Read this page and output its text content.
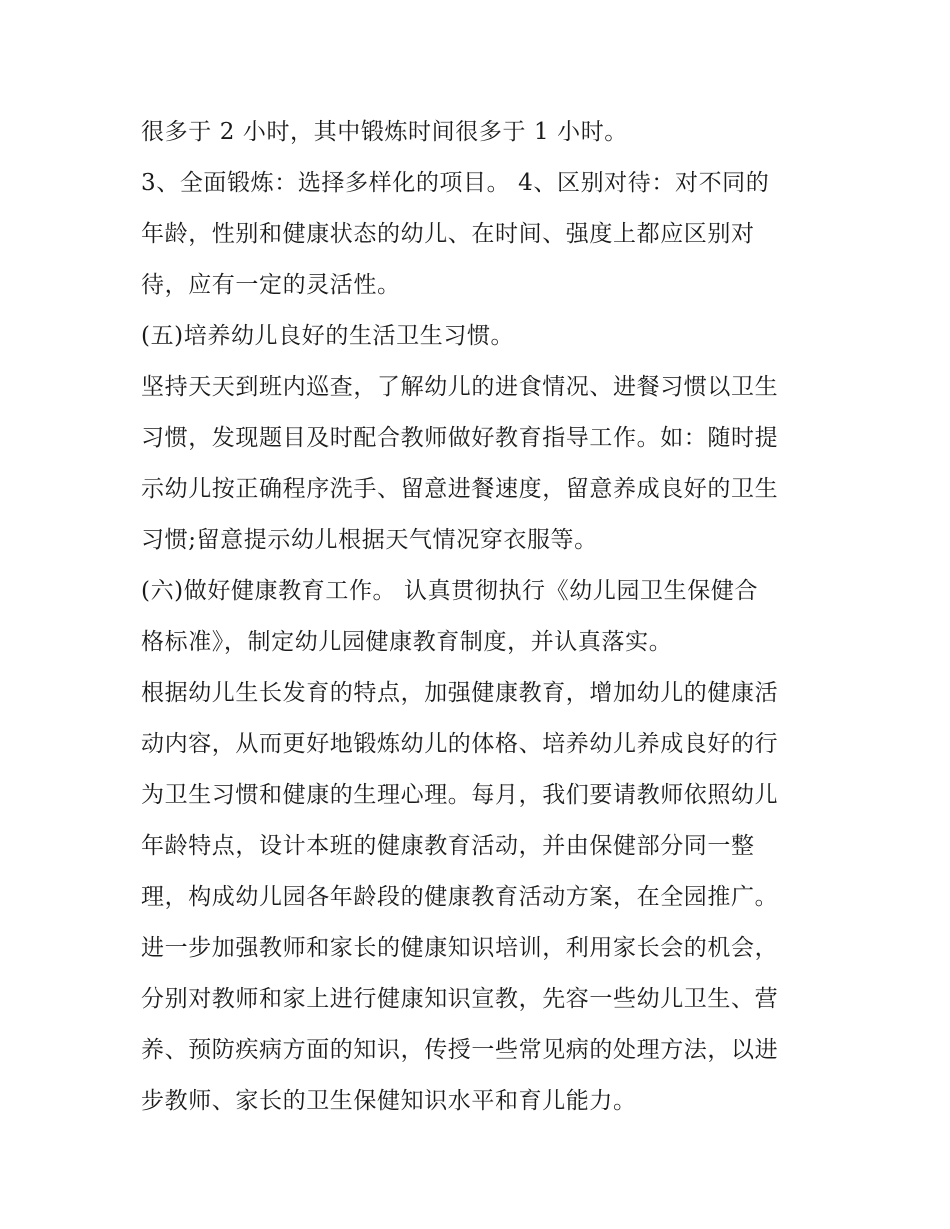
很多于 2 小时，其中锻炼时间很多于 1 小时。
3、全面锻炼：选择多样化的项目。 4、区别对待：对不同的
年龄，性别和健康状态的幼儿、在时间、强度上都应区别对
待，应有一定的灵活性。
(五)培养幼儿良好的生活卫生习惯。
坚持天天到班内巡查，了解幼儿的进食情况、进餐习惯以卫生
习惯，发现题目及时配合教师做好教育指导工作。如：随时提
示幼儿按正确程序洗手、留意进餐速度，留意养成良好的卫生
习惯;留意提示幼儿根据天气情况穿衣服等。
(六)做好健康教育工作。 认真贯彻执行《幼儿园卫生保健合
格标准》，制定幼儿园健康教育制度，并认真落实。
根据幼儿生长发育的特点，加强健康教育，增加幼儿的健康活
动内容，从而更好地锻炼幼儿的体格、培养幼儿养成良好的行
为卫生习惯和健康的生理心理。每月，我们要请教师依照幼儿
年龄特点，设计本班的健康教育活动，并由保健部分同一整
理，构成幼儿园各年龄段的健康教育活动方案，在全园推广。
进一步加强教师和家长的健康知识培训，利用家长会的机会，
分别对教师和家上进行健康知识宣教，先容一些幼儿卫生、营
养、预防疾病方面的知识，传授一些常见病的处理方法，以进
步教师、家长的卫生保健知识水平和育儿能力。
